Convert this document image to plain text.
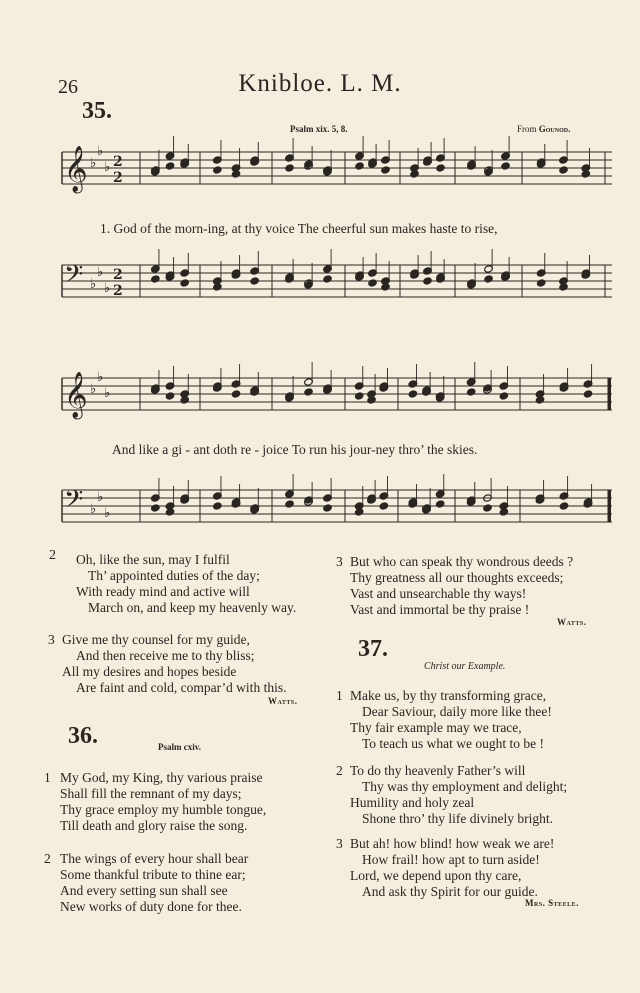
26	Knibloe. L. M.
35.
Psalm xix. 5, 8.	From Gounod.
𝄞 ♭
♭
♭ 2
2
𝄢 ♭
♭
♭
2
2
𝄞 ♭
♭
♭
𝄢 ♭
♭
♭
1. God of the morn-ing, at thy voice The cheerful sun makes haste to rise,
And like a gi - ant doth re - joice To run his jour-ney thro’ the skies.
2	Oh, like the sun, may I fulfil
Th’ appointed duties of the day;
With ready mind and active will
March on, and keep my heavenly way.
3 Give me thy counsel for my guide,
And then receive me to thy bliss;
All my desires and hopes beside
Are faint and cold, compar’d with this.
Watts.
36.	Psalm cxiv.
1 My God, my King, thy various praise
Shall fill the remnant of my days;
Thy grace employ my humble tongue,
Till death and glory raise the song.
2 The wings of every hour shall bear
Some thankful tribute to thine ear;
And every setting sun shall see
New works of duty done for thee.
3 But who can speak thy wondrous deeds ?
Thy greatness all our thoughts exceeds;
Vast and unsearchable thy ways!
Vast and immortal be thy praise !
Watts.
37.
Christ our Example.
1 Make us, by thy transforming grace,
Dear Saviour, daily more like thee!
Thy fair example may we trace,
To teach us what we ought to be !
2 To do thy heavenly Father’s will
Thy was thy employment and delight;
Humility and holy zeal
Shone thro’ thy life divinely bright.
3 But ah! how blind! how weak we are!
How frail! how apt to turn aside!
Lord, we depend upon thy care,
And ask thy Spirit for our guide.
Mrs. Steele.
